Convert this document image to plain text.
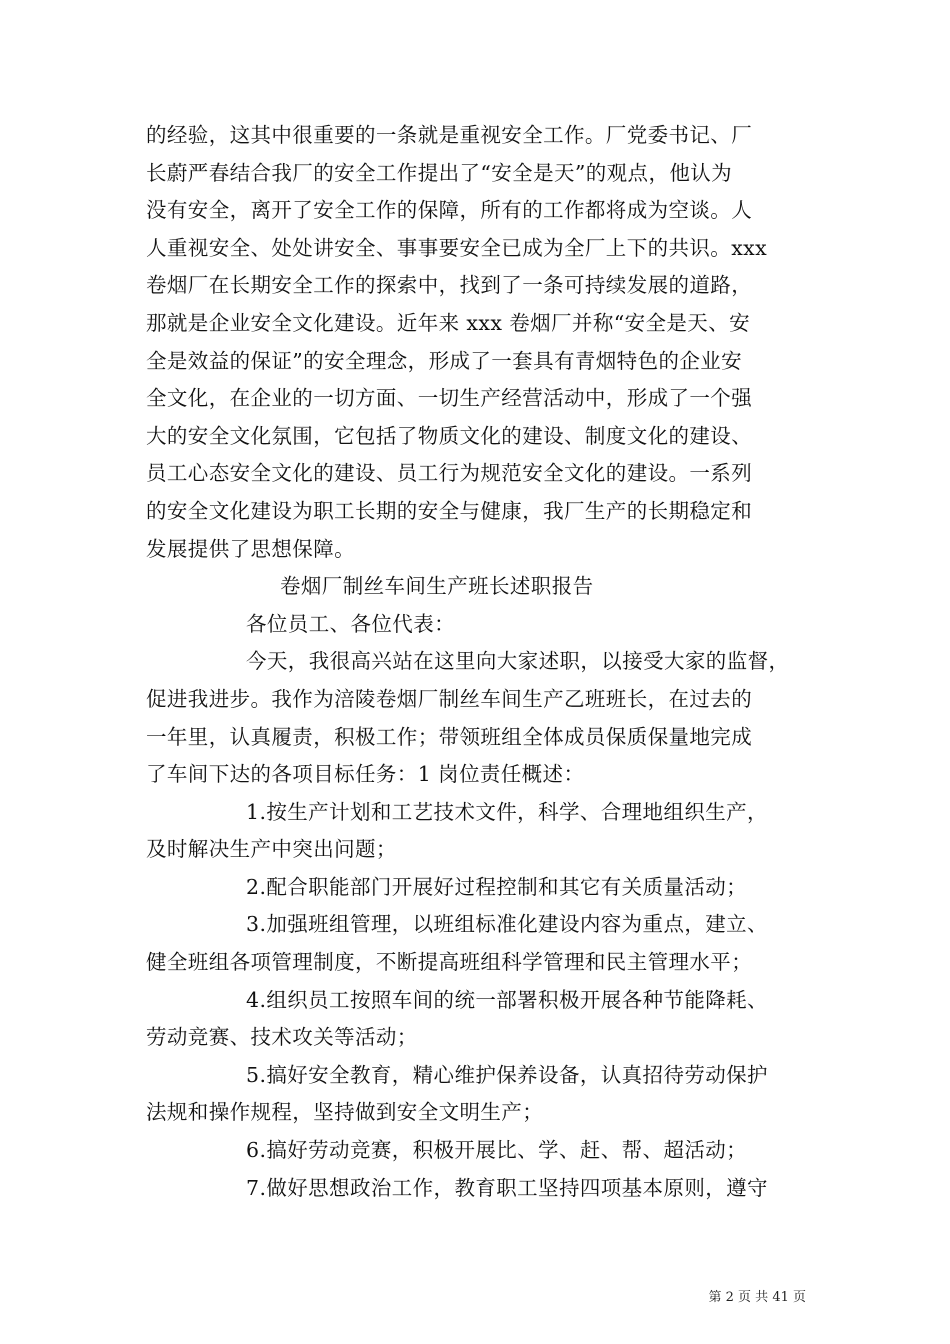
的经验，这其中很重要的一条就是重视安全工作。厂党委书记、厂
长蔚严春结合我厂的安全工作提出了“安全是天”的观点，他认为
没有安全，离开了安全工作的保障，所有的工作都将成为空谈。人
人重视安全、处处讲安全、事事要安全已成为全厂上下的共识。xxx
卷烟厂在长期安全工作的探索中，找到了一条可持续发展的道路，
那就是企业安全文化建设。近年来 xxx 卷烟厂并称“安全是天、安
全是效益的保证”的安全理念，形成了一套具有青烟特色的企业安
全文化，在企业的一切方面、一切生产经营活动中，形成了一个强
大的安全文化氛围，它包括了物质文化的建设、制度文化的建设、
员工心态安全文化的建设、员工行为规范安全文化的建设。一系列
的安全文化建设为职工长期的安全与健康，我厂生产的长期稳定和
发展提供了思想保障。
卷烟厂制丝车间生产班长述职报告
各位员工、各位代表：
今天，我很高兴站在这里向大家述职，以接受大家的监督，
促进我进步。我作为涪陵卷烟厂制丝车间生产乙班班长，在过去的
一年里，认真履责，积极工作；带领班组全体成员保质保量地完成
了车间下达的各项目标任务：1 岗位责任概述：
1.按生产计划和工艺技术文件，科学、合理地组织生产，
及时解决生产中突出问题；
2.配合职能部门开展好过程控制和其它有关质量活动；
3.加强班组管理，以班组标准化建设内容为重点，建立、
健全班组各项管理制度，不断提高班组科学管理和民主管理水平；
4.组织员工按照车间的统一部署积极开展各种节能降耗、
劳动竞赛、技术攻关等活动；
5.搞好安全教育，精心维护保养设备，认真招待劳动保护
法规和操作规程，坚持做到安全文明生产；
6.搞好劳动竞赛，积极开展比、学、赶、帮、超活动；
7.做好思想政治工作，教育职工坚持四项基本原则，遵守
第 2 页 共 41 页
